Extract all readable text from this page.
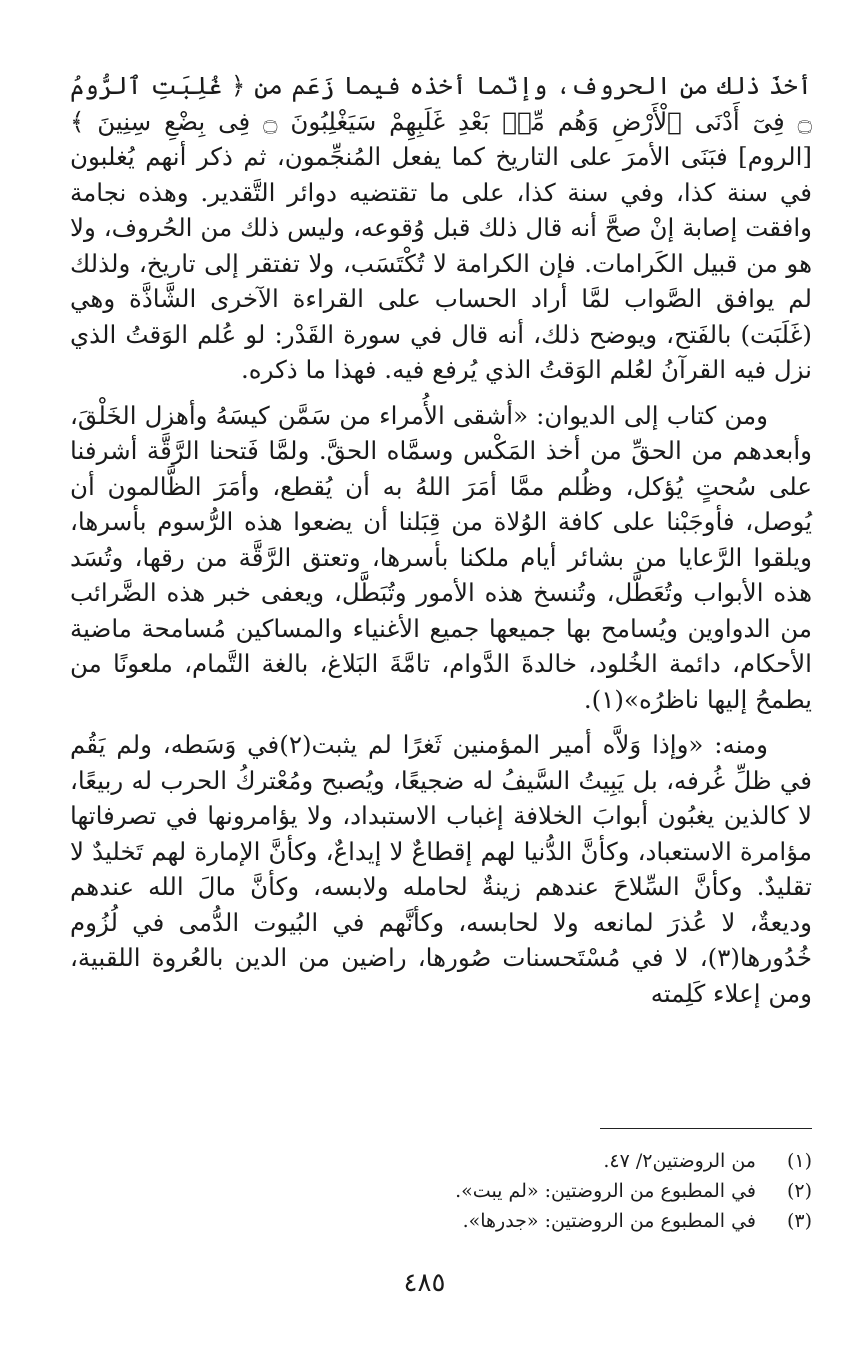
أخذَ ذلك من الحروف، وإنّما أخذه فيما زَعَم من ﴿ غُلِبَتِ ٱلرُّومُ ۝ فِىٓ أَدْنَى ٱلْأَرْضِ وَهُم مِّنۢ بَعْدِ غَلَبِهِمْ سَيَغْلِبُونَ ۝ فِى بِضْعِ سِنِينَ ﴾ [الروم] فبَنَى الأمرَ على التاريخ كما يفعل المُنجِّمون، ثم ذكر أنهم يُغلبون في سنة كذا، وفي سنة كذا، على ما تقتضيه دوائر التَّقدير. وهذه نجامة وافقت إصابة إنْ صحَّ أنه قال ذلك قبل وُقوعه، وليس ذلك من الحُروف، ولا هو من قبيل الكَرامات. فإن الكرامة لا تُكْتَسَب، ولا تفتقر إلى تاريخ، ولذلك لم يوافق الصَّواب لمَّا أراد الحساب على القراءة الآخرى الشَّاذَّة وهي (غَلَبَت) بالفَتح، ويوضح ذلك، أنه قال في سورة القَدْر: لو عُلم الوَقتُ الذي نزل فيه القرآنُ لعُلم الوَقتُ الذي يُرفع فيه. فهذا ما ذكره.

ومن كتاب إلى الديوان: «أشقى الأُمراء من سَمَّن كيسَهُ وأهزل الخَلْقَ، وأبعدهم من الحقِّ من أخذ المَكْس وسمَّاه الحقَّ. ولمَّا فَتحنا الرَّقَّة أشرفنا على سُحتٍ يُؤكل، وظُلم ممَّا أمَرَ اللهُ به أن يُقطع، وأمَرَ الظَّالمون أن يُوصل، فأوجَبْنا على كافة الوُلاة من قِبَلنا أن يضعوا هذه الرُّسوم بأسرها، ويلقوا الرَّعايا من بشائر أيام ملكنا بأسرها، وتعتق الرَّقَّة من رقها، وتُسَد هذه الأبواب وتُعَطَّل، وتُنسخ هذه الأمور وتُبَطَّل، ويعفى خبر هذه الضَّرائب من الدواوين ويُسامح بها جميعها جميع الأغنياء والمساكين مُسامحة ماضية الأحكام، دائمة الخُلود، خالدةَ الدَّوام، تامَّةَ البَلاغ، بالغة التَّمام، ملعونًا من يطمحُ إليها ناظرُه»(١).

ومنه: «وإذا وَلاَّه أمير المؤمنين ثَغرًا لم يثبت(٢)في وَسَطه، ولم يَقُم في ظلِّ غُرفه، بل يَبِيتُ السَّيفُ له ضجيعًا، ويُصبح ومُعْتركُ الحرب له ربيعًا، لا كالذين يغبُون أبوابَ الخلافة إغباب الاستبداد، ولا يؤامرونها في تصرفاتها مؤامرة الاستعباد، وكأنَّ الدُّنيا لهم إقطاعٌ لا إيداعٌ، وكأنَّ الإمارة لهم تَخليدٌ لا تقليدٌ. وكأنَّ السِّلاحَ عندهم زينةٌ لحامله ولابسه، وكأنَّ مالَ الله عندهم وديعةٌ، لا عُذرَ لمانعه ولا لحابسه، وكأنَّهم في البُيوت الدُّمى في لُزُوم خُدُورها(٣)، لا في مُسْتَحسنات صُورها، راضين من الدين بالعُروة اللقبية، ومن إعلاء كَلِمته

(١)
من الروضتين٢/ ٤٧.
(٢)
في المطبوع من الروضتين: «لم يبت».
(٣)
في المطبوع من الروضتين: «جدرها».
٤٨٥
